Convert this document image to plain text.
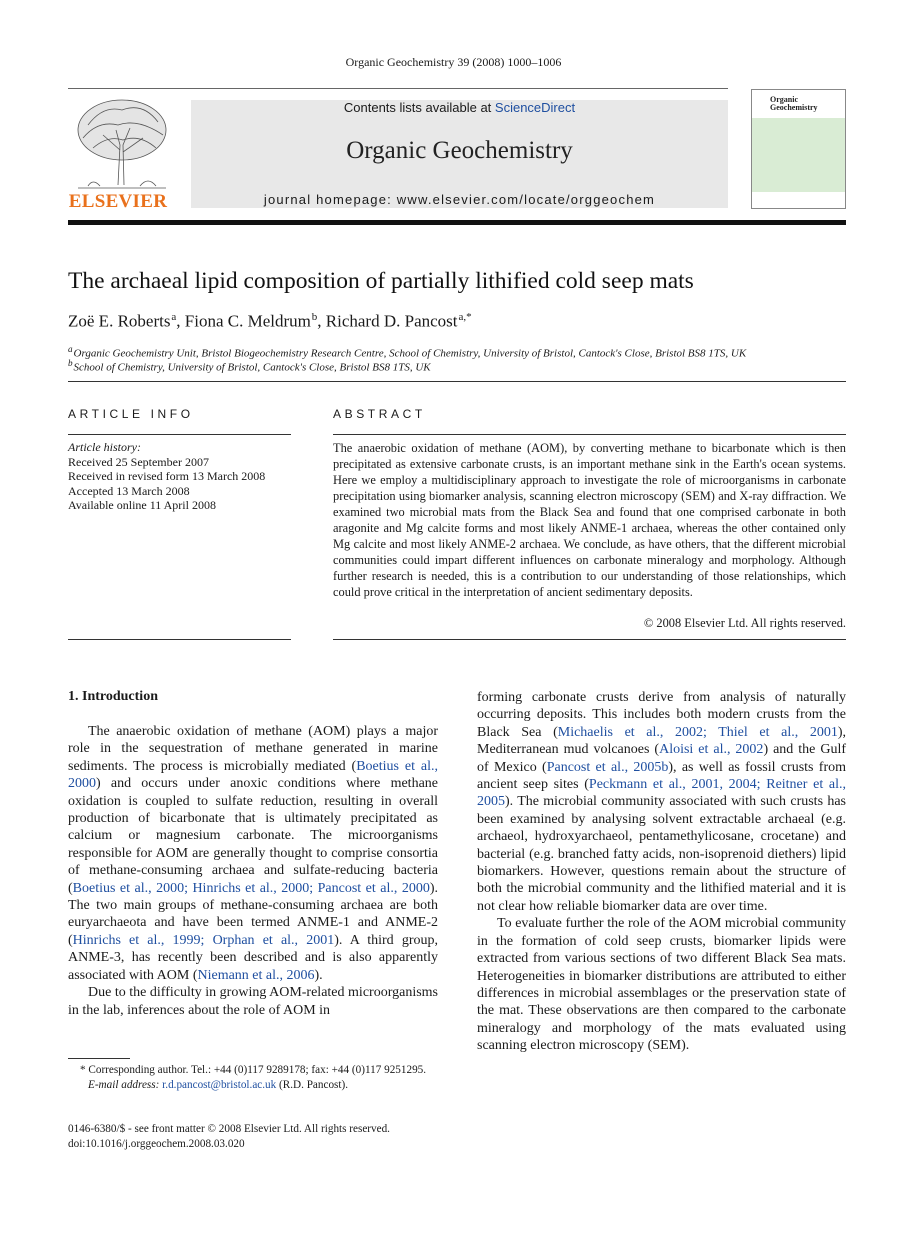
Organic Geochemistry 39 (2008) 1000–1006
ELSEVIER
Contents lists available at ScienceDirect
Organic Geochemistry
journal homepage: www.elsevier.com/locate/orggeochem
Organic
Geochemistry
The archaeal lipid composition of partially lithified cold seep mats
Zoë E. Roberts $^a$, Fiona C. Meldrum $^b$, Richard D. Pancost $^{a,*}$
$^a$ Organic Geochemistry Unit, Bristol Biogeochemistry Research Centre, School of Chemistry, University of Bristol, Cantock's Close, Bristol BS8 1TS, UK
$^b$ School of Chemistry, University of Bristol, Cantock's Close, Bristol BS8 1TS, UK
ARTICLE INFO	ABSTRACT
Article history:
Received 25 September 2007
Received in revised form 13 March 2008
Accepted 13 March 2008
Available online 11 April 2008
The anaerobic oxidation of methane (AOM), by converting methane to bicarbonate which is then precipitated as extensive carbonate crusts, is an important methane sink in the Earth's ocean systems. Here we employ a multidisciplinary approach to investigate the role of microorganisms in carbonate precipitation using biomarker analysis, scanning electron microscopy (SEM) and X-ray diffraction. We examined two microbial mats from the Black Sea and found that one comprised carbonate in both aragonite and Mg calcite forms and most likely ANME-1 archaea, whereas the other contained only Mg calcite and most likely ANME-2 archaea. We conclude, as have others, that the different microbial communities could impart different influences on carbonate mineralogy and morphology. Although further research is needed, this is a contribution to our understanding of those relationships, which could prove critical in the interpretation of ancient sedimentary deposits.
© 2008 Elsevier Ltd. All rights reserved.
1. Introduction

The anaerobic oxidation of methane (AOM) plays a major role in the sequestration of methane generated in marine sediments. The process is microbially mediated (Boetius et al., 2000) and occurs under anoxic conditions where methane oxidation is coupled to sulfate reduction, resulting in overall production of bicarbonate that is ultimately precipitated as calcium or magnesium carbonate. The microorganisms responsible for AOM are generally thought to comprise consortia of methane-consuming archaea and sulfate-reducing bacteria (Boetius et al., 2000; Hinrichs et al., 2000; Pancost et al., 2000). The two main groups of methane-consuming archaea are both euryarchaeota and have been termed ANME-1 and ANME-2 (Hinrichs et al., 1999; Orphan et al., 2001). A third group, ANME-3, has recently been described and is also apparently associated with AOM (Niemann et al., 2006).

Due to the difficulty in growing AOM-related microorganisms in the lab, inferences about the role of AOM in

forming carbonate crusts derive from analysis of naturally occurring deposits. This includes both modern crusts from the Black Sea (Michaelis et al., 2002; Thiel et al., 2001), Mediterranean mud volcanoes (Aloisi et al., 2002) and the Gulf of Mexico (Pancost et al., 2005b), as well as fossil crusts from ancient seep sites (Peckmann et al., 2001, 2004; Reitner et al., 2005). The microbial community associated with such crusts has been examined by analysing solvent extractable archaeal (e.g. archaeol, hydroxyarchaeol, pentamethylicosane, crocetane) and bacterial (e.g. branched fatty acids, non-isoprenoid diethers) lipid biomarkers. However, questions remain about the structure of both the microbial community and the lithified material and it is not clear how reliable biomarker data are over time.

To evaluate further the role of the AOM microbial community in the formation of cold seep crusts, biomarker lipids were extracted from various sections of two different Black Sea mats. Heterogeneities in biomarker distributions are attributed to either differences in microbial assemblages or the preservation state of the mat. These observations are then compared to the carbonate mineralogy and morphology of the mats evaluated using scanning electron microscopy (SEM).

* Corresponding author. Tel.: +44 (0)117 9289178; fax: +44 (0)117 9251295.
E-mail address: r.d.pancost@bristol.ac.uk (R.D. Pancost).
0146-6380/$ - see front matter © 2008 Elsevier Ltd. All rights reserved.
doi:10.1016/j.orggeochem.2008.03.020
